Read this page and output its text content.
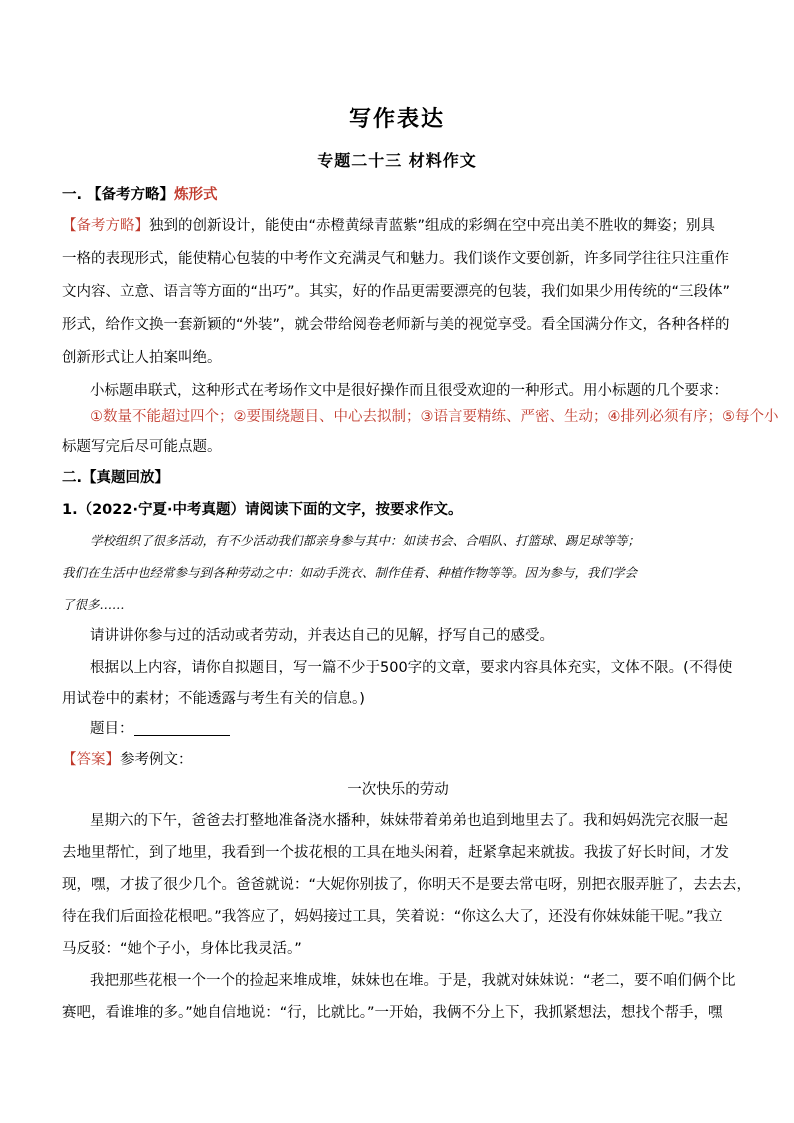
写作表达
专题二十三 材料作文
一. 【备考方略】炼形式
【备考方略】独到的创新设计，能使由“赤橙黄绿青蓝紫”组成的彩绸在空中亮出美不胜收的舞姿；别具
一格的表现形式，能使精心包装的中考作文充满灵气和魅力。我们谈作文要创新，许多同学往往只注重作
文内容、立意、语言等方面的“出巧”。其实，好的作品更需要漂亮的包装，我们如果少用传统的“三段体”
形式，给作文换一套新颖的“外装”，就会带给阅卷老师新与美的视觉享受。看全国满分作文，各种各样的
创新形式让人拍案叫绝。
小标题串联式，这种形式在考场作文中是很好操作而且很受欢迎的一种形式。用小标题的几个要求：
①数量不能超过四个；②要围绕题目、中心去拟制；③语言要精练、严密、生动；④排列必须有序；⑤每个小
标题写完后尽可能点题。
二.【真题回放】
1.（2022·宁夏·中考真题）请阅读下面的文字，按要求作文。
学校组织了很多活动，有不少活动我们都亲身参与其中：如读书会、合唱队、打篮球、踢足球等等；
我们在生活中也经常参与到各种劳动之中：如动手洗衣、制作佳肴、种植作物等等。因为参与，我们学会
了很多……
请讲讲你参与过的活动或者劳动，并表达自己的见解，抒写自己的感受。
根据以上内容，请你自拟题目，写一篇不少于500字的文章，要求内容具体充实，文体不限。(不得使
用试卷中的素材；不能透露与考生有关的信息。)
题目：
【答案】参考例文：
一次快乐的劳动
星期六的下午，爸爸去打整地准备浇水播种，妹妹带着弟弟也追到地里去了。我和妈妈洗完衣服一起
去地里帮忙，到了地里，我看到一个拔花根的工具在地头闲着，赶紧拿起来就拔。我拔了好长时间，才发
现，嘿，才拔了很少几个。爸爸就说：“大妮你别拔了，你明天不是要去常屯呀，别把衣服弄脏了，去去去，
待在我们后面捡花根吧。”我答应了，妈妈接过工具，笑着说：“你这么大了，还没有你妹妹能干呢。”我立
马反驳：“她个子小，身体比我灵活。”
我把那些花根一个一个的捡起来堆成堆，妹妹也在堆。于是，我就对妹妹说：“老二，要不咱们俩个比
赛吧，看谁堆的多。”她自信地说：“行，比就比。”一开始，我俩不分上下，我抓紧想法，想找个帮手，嘿
